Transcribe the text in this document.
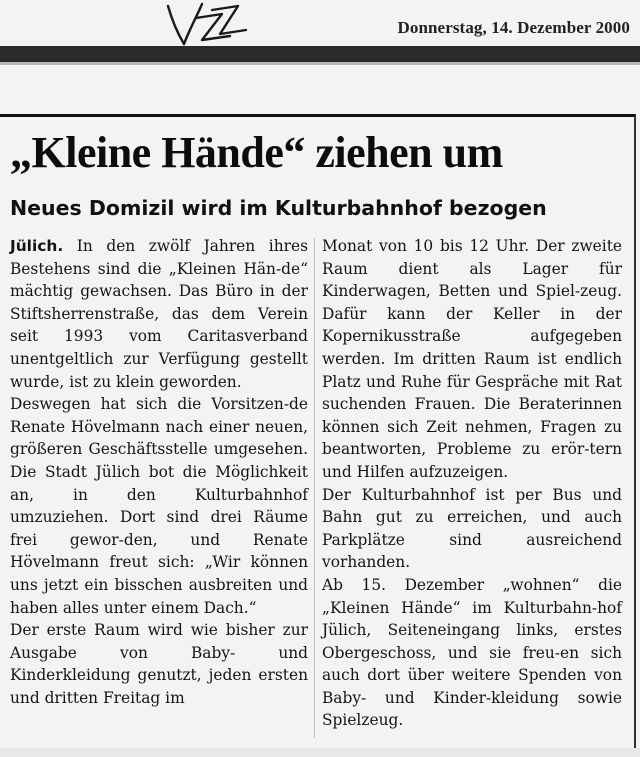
Donnerstag, 14. Dezember 2000
„Kleine Hände“ ziehen um
Neues Domizil wird im Kulturbahnhof bezogen

Jülich. In den zwölf Jahren ihres Bestehens sind die „Kleinen Hän-de“ mächtig gewachsen. Das Büro in der Stiftsherrenstraße, das dem Verein seit 1993 vom Caritasverband unentgeltlich zur Verfügung gestellt wurde, ist zu klein geworden.

Deswegen hat sich die Vorsitzen-de Renate Hövelmann nach einer neuen, größeren Geschäftsstelle umgesehen. Die Stadt Jülich bot die Möglichkeit an, in den Kulturbahnhof umzuziehen. Dort sind drei Räume frei gewor-den, und Renate Hövelmann freut sich: „Wir können uns jetzt ein bisschen ausbreiten und haben alles unter einem Dach.“

Der erste Raum wird wie bisher zur Ausgabe von Baby- und Kinderkleidung genutzt, jeden ersten und dritten Freitag im

Monat von 10 bis 12 Uhr. Der zweite Raum dient als Lager für Kinderwagen, Betten und Spiel-zeug. Dafür kann der Keller in der Kopernikusstraße aufgegeben werden. Im dritten Raum ist endlich Platz und Ruhe für Gespräche mit Rat suchenden Frauen. Die Beraterinnen können sich Zeit nehmen, Fragen zu beantworten, Probleme zu erör-tern und Hilfen aufzuzeigen.

Der Kulturbahnhof ist per Bus und Bahn gut zu erreichen, und auch Parkplätze sind ausreichend vorhanden.

Ab 15. Dezember „wohnen“ die „Kleinen Hände“ im Kulturbahn-hof Jülich, Seiteneingang links, erstes Obergeschoss, und sie freu-en sich auch dort über weitere Spenden von Baby- und Kinder-kleidung sowie Spielzeug.
